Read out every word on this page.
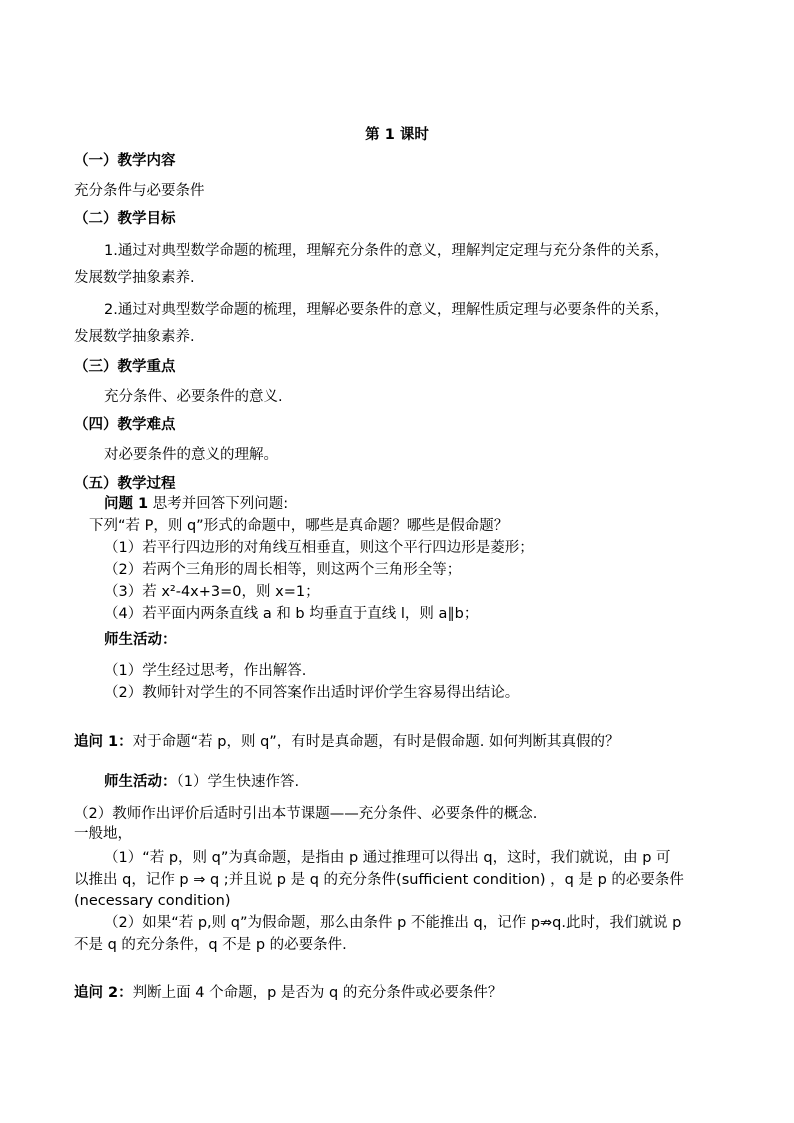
第 1 课时
（一）教学内容
充分条件与必要条件
（二）教学目标
1.通过对典型数学命题的梳理，理解充分条件的意义，理解判定定理与充分条件的关系，
发展数学抽象素养.
2.通过对典型数学命题的梳理，理解必要条件的意义，理解性质定理与必要条件的关系，
发展数学抽象素养.
（三）教学重点
充分条件、必要条件的意义.
（四）教学难点
对必要条件的意义的理解。
（五）教学过程
问题 1 思考并回答下列问题:
下列“若 P，则 q”形式的命题中，哪些是真命题？哪些是假命题？
（1）若平行四边形的对角线互相垂直，则这个平行四边形是菱形；
（2）若两个三角形的周长相等，则这两个三角形全等；
（3）若 x²-4x+3=0，则 x=1；
（4）若平面内两条直线 a 和 b 均垂直于直线 l，则 a∥b；
师生活动：
（1）学生经过思考，作出解答.
（2）教师针对学生的不同答案作出适时评价学生容易得出结论。
追问 1：对于命题“若 p，则 q”，有时是真命题，有时是假命题. 如何判断其真假的？
师生活动：（1）学生快速作答.
（2）教师作出评价后适时引出本节课题——充分条件、必要条件的概念.
一般地，
（1）“若 p，则 q”为真命题，是指由 p 通过推理可以得出 q，这时，我们就说，由 p 可
以推出 q，记作 p ⇒ q ;并且说 p 是 q 的充分条件(sufficient condition) ，q 是 p 的必要条件
(necessary condition)
（2）如果“若 p,则 q”为假命题，那么由条件 p 不能推出 q，记作 p⇏q.此时，我们就说 p
不是 q 的充分条件，q 不是 p 的必要条件.
追问 2：判断上面 4 个命题，p 是否为 q 的充分条件或必要条件？
